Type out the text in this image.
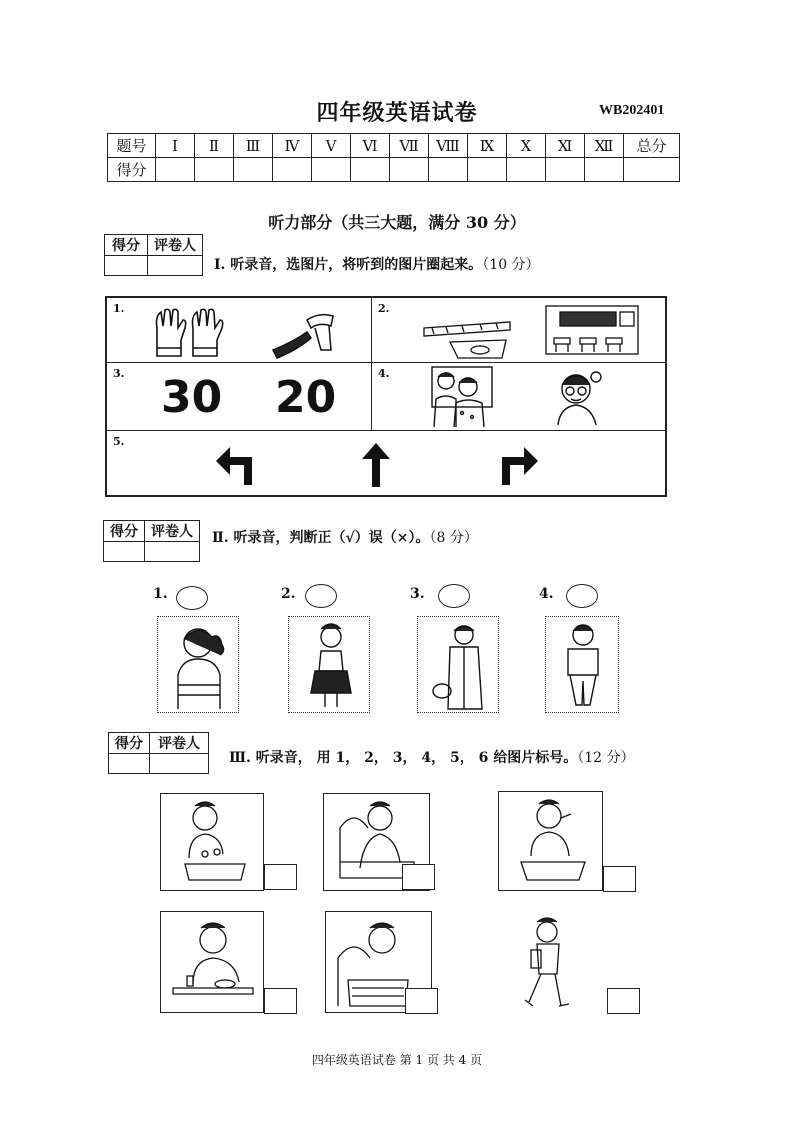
四年级英语试卷	WB202401
题号	Ⅰ	Ⅱ	Ⅲ	Ⅳ	Ⅴ	Ⅵ	Ⅶ	Ⅷ	Ⅸ	Ⅹ	Ⅺ	Ⅻ	总分
得分													
听力部分（共三大题，满分 30 分）
得分	评卷人

Ⅰ. 听录音，选图片，将听到的图片圈起来。（10 分）
1.	2.
3. 30 20	4.
5.
得分	评卷人
	Ⅱ. 听录音，判断正（√）误（×）。（8 分）
1.	2.	3.	4.
得分	评卷人

Ⅲ. 听录音， 用 1， 2， 3， 4， 5， 6 给图片标号。（12 分）
四年级英语试卷 第 1 页 共 4 页
